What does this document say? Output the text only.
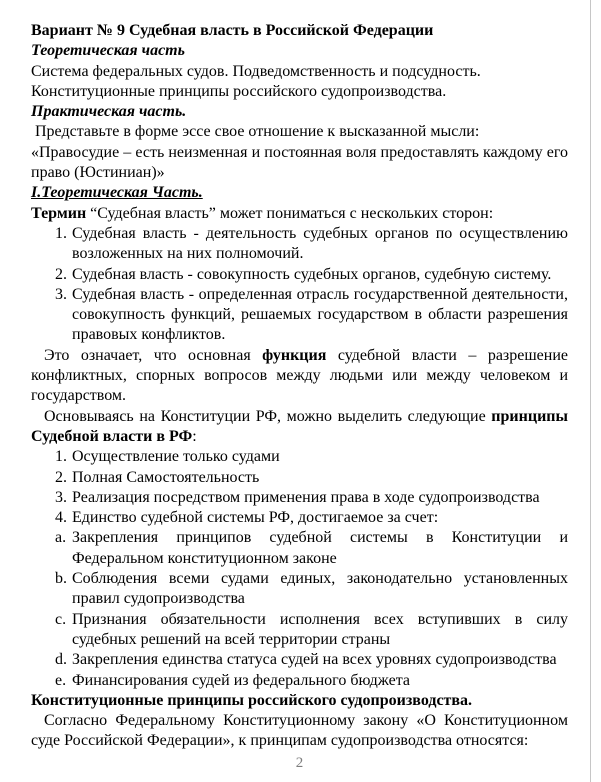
Вариант № 9 Судебная власть в Российской Федерации

Теоретическая часть

Система федеральных судов. Подведомственность и подсудность.

Конституционные принципы российского судопроизводства.

Практическая часть.

Представьте в форме эссе свое отношение к высказанной мысли:

«Правосудие – есть неизменная и постоянная воля предоставлять каждому его право (Юстиниан)»

I.Теоретическая Часть.

Термин “Судебная власть” может пониматься с нескольких сторон:

1. Судебная власть - деятельность судебных органов по осуществлению возложенных на них полномочий.
2. Судебная власть - совокупность судебных органов, судебную систему.
3. Судебная власть - определенная отрасль государственной деятельности, совокупность функций, решаемых государством в области разрешения правовых конфликтов.

Это означает, что основная функция судебной власти – разрешение конфликтных, спорных вопросов между людьми или между человеком и государством.

Основываясь на Конституции РФ, можно выделить следующие принципы Судебной власти в РФ:

1. Осуществление только судами
2. Полная Самостоятельность
3. Реализация посредством применения права в ходе судопроизводства
4. Единство судебной системы РФ, достигаемое за счет:
a. Закрепления принципов судебной системы в Конституции и Федеральном конституционном законе
b. Соблюдения всеми судами единых, законодательно установленных правил судопроизводства
c. Признания обязательности исполнения всех вступивших в силу судебных решений на всей территории страны
d. Закрепления единства статуса судей на всех уровнях судопроизводства
e. Финансирования судей из федерального бюджета

Конституционные принципы российского судопроизводства.

Согласно Федеральному Конституционному закону «О Конституционном суде Российской Федерации», к принципам судопроизводства относятся:

2
